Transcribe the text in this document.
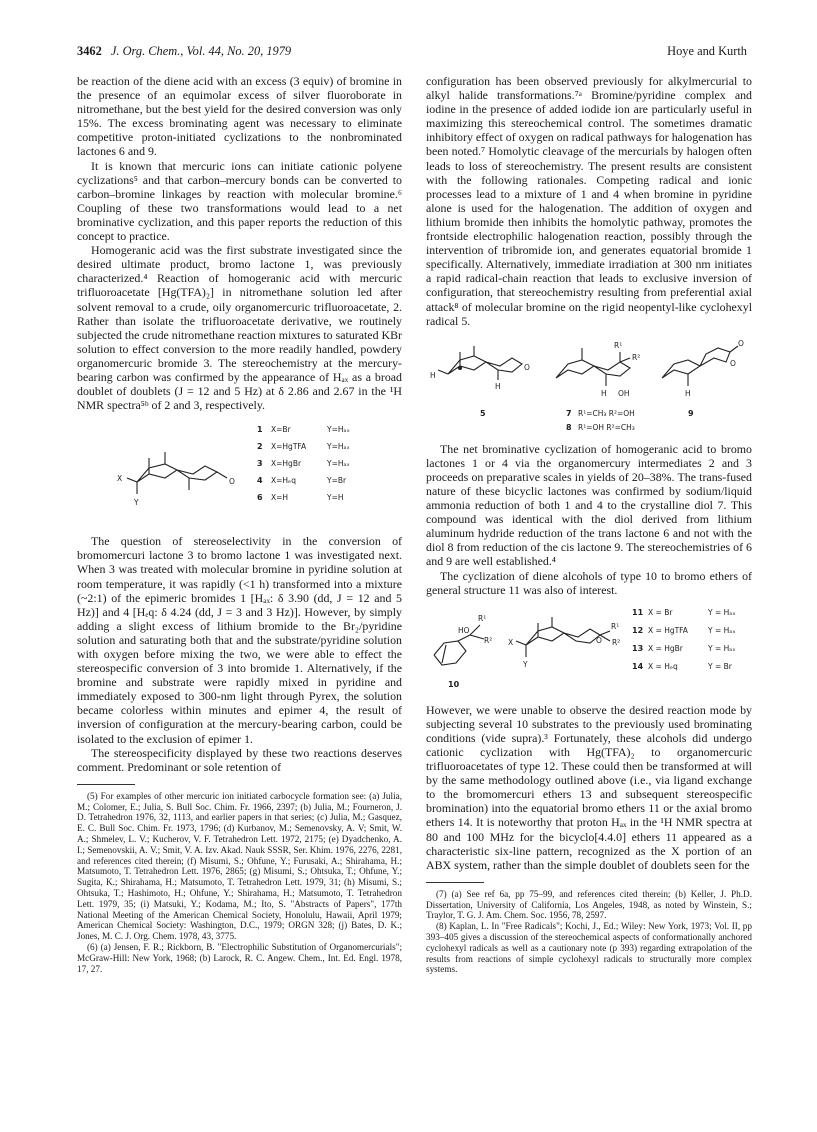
3462 J. Org. Chem., Vol. 44, No. 20, 1979	Hoye and Kurth

be reaction of the diene acid with an excess (3 equiv) of bromine in the presence of an equimolar excess of silver fluoroborate in nitromethane, but the best yield for the desired conversion was only 15%. The excess brominating agent was necessary to eliminate competitive proton-initiated cyclizations to the nonbrominated lactones 6 and 9.

It is known that mercuric ions can initiate cationic polyene cyclizations⁵ and that carbon–mercury bonds can be converted to carbon–bromine linkages by reaction with molecular bromine.⁶ Coupling of these two transformations would lead to a net brominative cyclization, and this paper reports the reduction of this concept to practice.

Homogeranic acid was the first substrate investigated since the desired ultimate product, bromo lactone 1, was previously characterized.⁴ Reaction of homogeranic acid with mercuric trifluoroacetate [Hg(TFA)₂] in nitromethane solution led after solvent removal to a crude, oily organomercuric trifluoroacetate, 2. Rather than isolate the trifluoroacetate derivative, we routinely subjected the crude nitromethane reaction mixtures to saturated KBr solution to effect conversion to the more readily handled, powdery organomercuric bromide 3. The stereochemistry at the mercury-bearing carbon was confirmed by the appearance of Hₐₓ as a broad doublet of doublets (J = 12 and 5 Hz) at δ 2.86 and 2.67 in the ¹H NMR spectra⁵ᵇ of 2 and 3, respectively.

X
Y
O
1 X=Br	Y=Hₐₓ
2 X=HgTFA	Y=Hₐₓ
3 X=HgBr	Y=Hₐₓ
4 X=Hₑq	Y=Br
6 X=H	Y=H

The question of stereoselectivity in the conversion of bromomercuri lactone 3 to bromo lactone 1 was investigated next. When 3 was treated with molecular bromine in pyridine solution at room temperature, it was rapidly (<1 h) transformed into a mixture (~2:1) of the epimeric bromides 1 [Hₐₓ: δ 3.90 (dd, J = 12 and 5 Hz)] and 4 [Hₑq: δ 4.24 (dd, J = 3 and 3 Hz)]. However, by simply adding a slight excess of lithium bromide to the Br₂/pyridine solution and saturating both that and the substrate/pyridine solution with oxygen before mixing the two, we were able to effect the stereospecific conversion of 3 into bromide 1. Alternatively, if the bromine and substrate were rapidly mixed in pyridine and immediately exposed to 300-nm light through Pyrex, the solution became colorless within minutes and epimer 4, the result of inversion of configuration at the mercury-bearing carbon, could be isolated to the exclusion of epimer 1.

The stereospecificity displayed by these two reactions deserves comment. Predominant or sole retention of

(5) For examples of other mercuric ion initiated carbocycle formation see: (a) Julia, M.; Colomer, E.; Julia, S. Bull Soc. Chim. Fr. 1966, 2397; (b) Julia, M.; Fourneron, J. D. Tetrahedron 1976, 32, 1113, and earlier papers in that series; (c) Julia, M.; Gasquez, E. C. Bull Soc. Chim. Fr. 1973, 1796; (d) Kurbanov, M.; Semenovsky, A. V; Smit, W. A.; Shmelev, L. V.; Kucherov, V. F. Tetrahedron Lett. 1972, 2175; (e) Dyadchenko, A. I.; Semenovskii, A. V.; Smit, V. A. Izv. Akad. Nauk SSSR, Ser. Khim. 1976, 2276, 2281, and references cited therein; (f) Misumi, S.; Ohfune, Y.; Furusaki, A.; Shirahama, H.; Matsumoto, T. Tetrahedron Lett. 1976, 2865; (g) Misumi, S.; Ohtsuka, T.; Ohfune, Y.; Sugita, K.; Shirahama, H.; Matsumoto, T. Tetrahedron Lett. 1979, 31; (h) Misumi, S.; Ohtsuka, T.; Hashimoto, H.; Ohfune, Y.; Shirahama, H.; Matsumoto, T. Tetrahedron Lett. 1979, 35; (i) Matsuki, Y.; Kodama, M.; Ito, S. "Abstracts of Papers", 177th National Meeting of the American Chemical Society, Honolulu, Hawaii, April 1979; American Chemical Society: Washington, D.C., 1979; ORGN 328; (j) Bates, D. K.; Jones, M. C. J. Org. Chem. 1978, 43, 3775.

(6) (a) Jensen, F. R.; Rickborn, B. "Electrophilic Substitution of Organomercurials"; McGraw-Hill: New York, 1968; (b) Larock, R. C. Angew. Chem., Int. Ed. Engl. 1978, 17, 27.

configuration has been observed previously for alkylmercurial to alkyl halide transformations.⁷ᵃ Bromine/pyridine complex and iodine in the presence of added iodide ion are particularly useful in maximizing this stereochemical control. The sometimes dramatic inhibitory effect of oxygen on radical pathways for halogenation has been noted.⁷ Homolytic cleavage of the mercurials by halogen often leads to loss of stereochemistry. The present results are consistent with the following rationales. Competing radical and ionic processes lead to a mixture of 1 and 4 when bromine in pyridine alone is used for the halogenation. The addition of oxygen and lithium bromide then inhibits the homolytic pathway, promotes the frontside electrophilic halogenation reaction, possibly through the intervention of tribromide ion, and generates equatorial bromide 1 specifically. Alternatively, immediate irradiation at 300 nm initiates a rapid radical-chain reaction that leads to exclusive inversion of configuration, that stereochemistry resulting from preferential axial attack⁸ of molecular bromine on the rigid neopentyl-like cyclohexyl radical 5.

H
H
O
R¹
R²
H OH
O
O
H
5	7 R¹=CH₃ R²=OH
8 R¹=OH R²=CH₃
9

The net brominative cyclization of homogeranic acid to bromo lactones 1 or 4 via the organomercury intermediates 2 and 3 proceeds on preparative scales in yields of 20–38%. The trans-fused nature of these bicyclic lactones was confirmed by sodium/liquid ammonia reduction of both 1 and 4 to the crystalline diol 7. This compound was identical with the diol derived from lithium aluminum hydride reduction of the trans lactone 6 and not with the diol 8 from reduction of the cis lactone 9. The stereochemistries of 6 and 9 are well established.⁴

The cyclization of diene alcohols of type 10 to bromo ethers of general structure 11 was also of interest.

HO
R¹
R²
10
X
Y
O
R¹
R²
11 X = Br	Y = Hₐₓ
12 X = HgTFA	Y = Hₐₓ
13 X = HgBr	Y = Hₐₓ
14 X = Hₑq	Y = Br

However, we were unable to observe the desired reaction mode by subjecting several 10 substrates to the previously used brominating conditions (vide supra).³ Fortunately, these alcohols did undergo cationic cyclization with Hg(TFA)₂ to organomercuric trifluoroacetates of type 12. These could then be transformed at will by the same methodology outlined above (i.e., via ligand exchange to the bromomercuri ethers 13 and subsequent stereospecific bromination) into the equatorial bromo ethers 11 or the axial bromo ethers 14. It is noteworthy that proton Hₐₓ in the ¹H NMR spectra at 80 and 100 MHz for the bicyclo[4.4.0] ethers 11 appeared as a characteristic six-line pattern, recognized as the X portion of an ABX system, rather than the simple doublet of doublets seen for the

(7) (a) See ref 6a, pp 75–99, and references cited therein; (b) Keller, J. Ph.D. Dissertation, University of California, Los Angeles, 1948, as noted by Winstein, S.; Traylor, T. G. J. Am. Chem. Soc. 1956, 78, 2597.

(8) Kaplan, L. In "Free Radicals"; Kochi, J., Ed.; Wiley: New York, 1973; Vol. II, pp 393–405 gives a discussion of the stereochemical aspects of conformationally anchored cyclohexyl radicals as well as a cautionary note (p 393) regarding extrapolation of the results from reactions of simple cyclohexyl radicals to structurally more complex systems.
